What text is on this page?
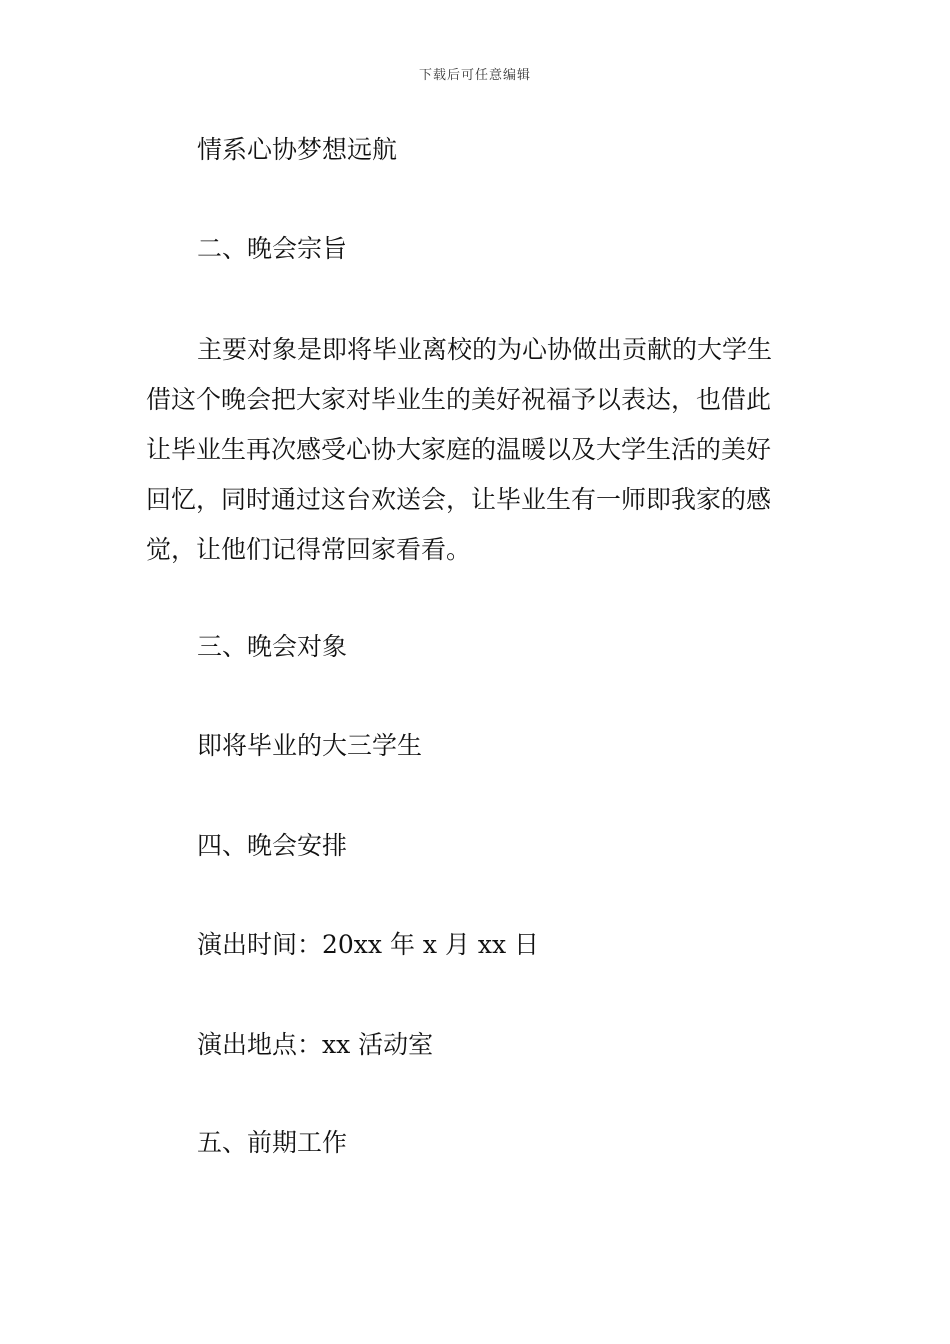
下载后可任意编辑
情系心协梦想远航
二、晚会宗旨
主要对象是即将毕业离校的为心协做出贡献的大学生
借这个晚会把大家对毕业生的美好祝福予以表达，也借此
让毕业生再次感受心协大家庭的温暖以及大学生活的美好
回忆，同时通过这台欢送会，让毕业生有一师即我家的感
觉，让他们记得常回家看看。
三、晚会对象
即将毕业的大三学生
四、晚会安排
演出时间：20xx 年 x 月 xx 日
演出地点：xx 活动室
五、前期工作
